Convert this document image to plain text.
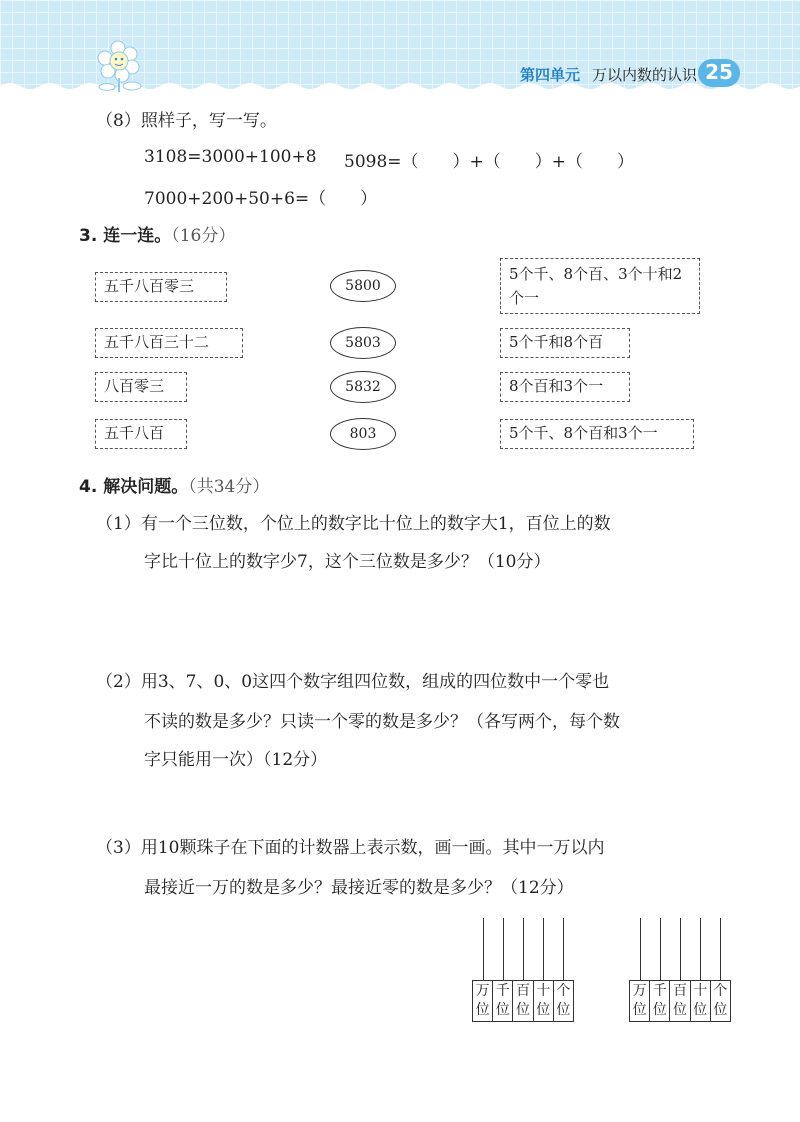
第四单元 万以内数的认识 25
（8）照样子，写一写。
3108=3000+100+8 5098=（　　）+（　　）+（　　）
7000+200+50+6=（　　）
3. 连一连。（16分）
五千八百零三
五千八百三十二
八百零三
五千八百
5800
5803
5832
803
5个千、8个百、3个十和2个一
5个千和8个百
8个百和3个一
5个千、8个百和3个一
4. 解决问题。（共34分）
（1）有一个三位数，个位上的数字比十位上的数字大1，百位上的数
字比十位上的数字少7，这个三位数是多少？（10分）
（2）用3、7、0、0这四个数字组四位数，组成的四位数中一个零也
不读的数是多少？只读一个零的数是多少？（各写两个，每个数
字只能用一次）（12分）
（3）用10颗珠子在下面的计数器上表示数，画一画。其中一万以内
最接近一万的数是多少？最接近零的数是多少？（12分）
万
位
千
位
百
位
十
位
个
位
万
位
千
位
百
位
十
位
个
位
